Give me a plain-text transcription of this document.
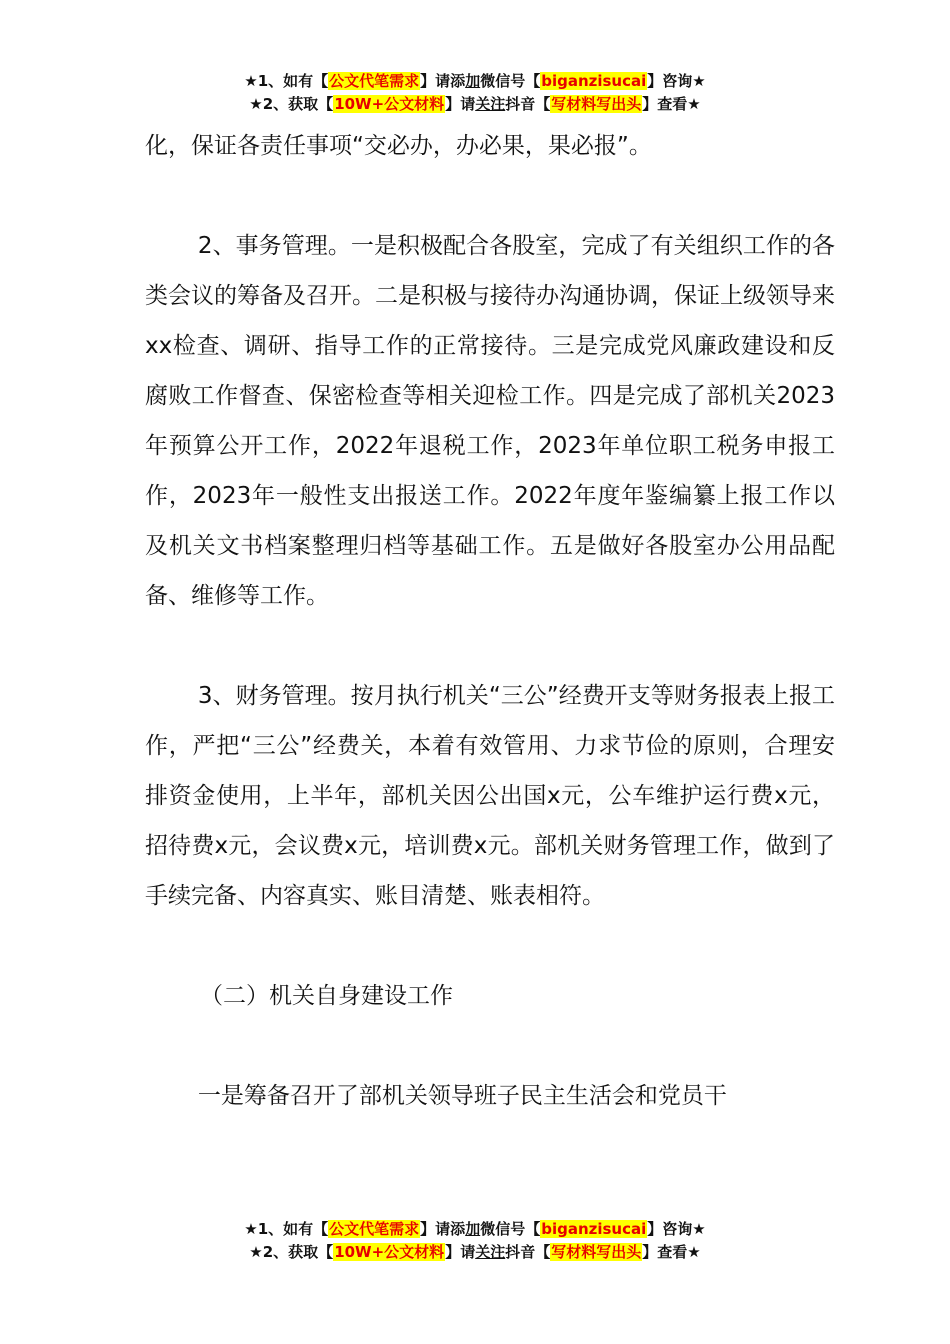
★1、如有【公文代笔需求】请添加微信号【biganzisucai】咨询★
★2、获取【10W+公文材料】请关注抖音【写材料写出头】查看★

化，保证各责任事项“交必办，办必果，果必报”。

2、事务管理。一是积极配合各股室，完成了有关组织工作的各类会议的筹备及召开。二是积极与接待办沟通协调，保证上级领导来xx检查、调研、指导工作的正常接待。三是完成党风廉政建设和反腐败工作督查、保密检查等相关迎检工作。四是完成了部机关2023年预算公开工作，2022年退税工作，2023年单位职工税务申报工作，2023年一般性支出报送工作。2022年度年鉴编纂上报工作以及机关文书档案整理归档等基础工作。五是做好各股室办公用品配备、维修等工作。

3、财务管理。按月执行机关“三公”经费开支等财务报表上报工作，严把“三公”经费关，本着有效管用、力求节俭的原则，合理安排资金使用，上半年，部机关因公出国x元，公车维护运行费x元，招待费x元，会议费x元，培训费x元。部机关财务管理工作，做到了手续完备、内容真实、账目清楚、账表相符。

（二）机关自身建设工作

一是筹备召开了部机关领导班子民主生活会和党员干

★1、如有【公文代笔需求】请添加微信号【biganzisucai】咨询★
★2、获取【10W+公文材料】请关注抖音【写材料写出头】查看★
